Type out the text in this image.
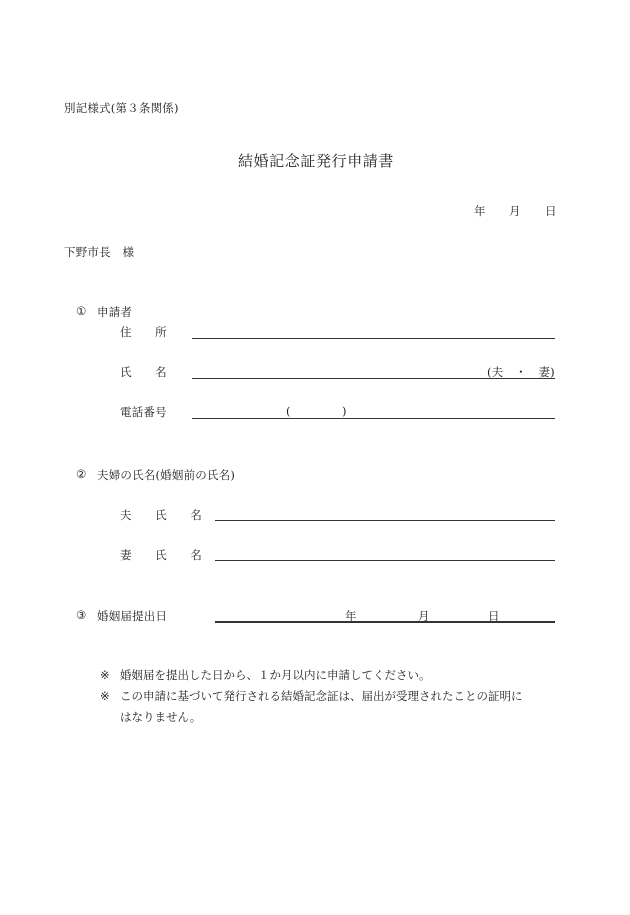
別記様式(第３条関係)
結婚記念証発行申請書
年 月 日
下野市長　様
① 申請者
住　　所
氏　　名	(夫　・　妻)
電話番号	(	)
② 夫婦の氏名(婚姻前の氏名)
夫　　氏　　名
妻　　氏　　名
③ 婚姻届提出日	年	月	日
※ 婚姻届を提出した日から、１か月以内に申請してください。
※ この申請に基づいて発行される結婚記念証は、届出が受理されたことの証明に
はなりません。
